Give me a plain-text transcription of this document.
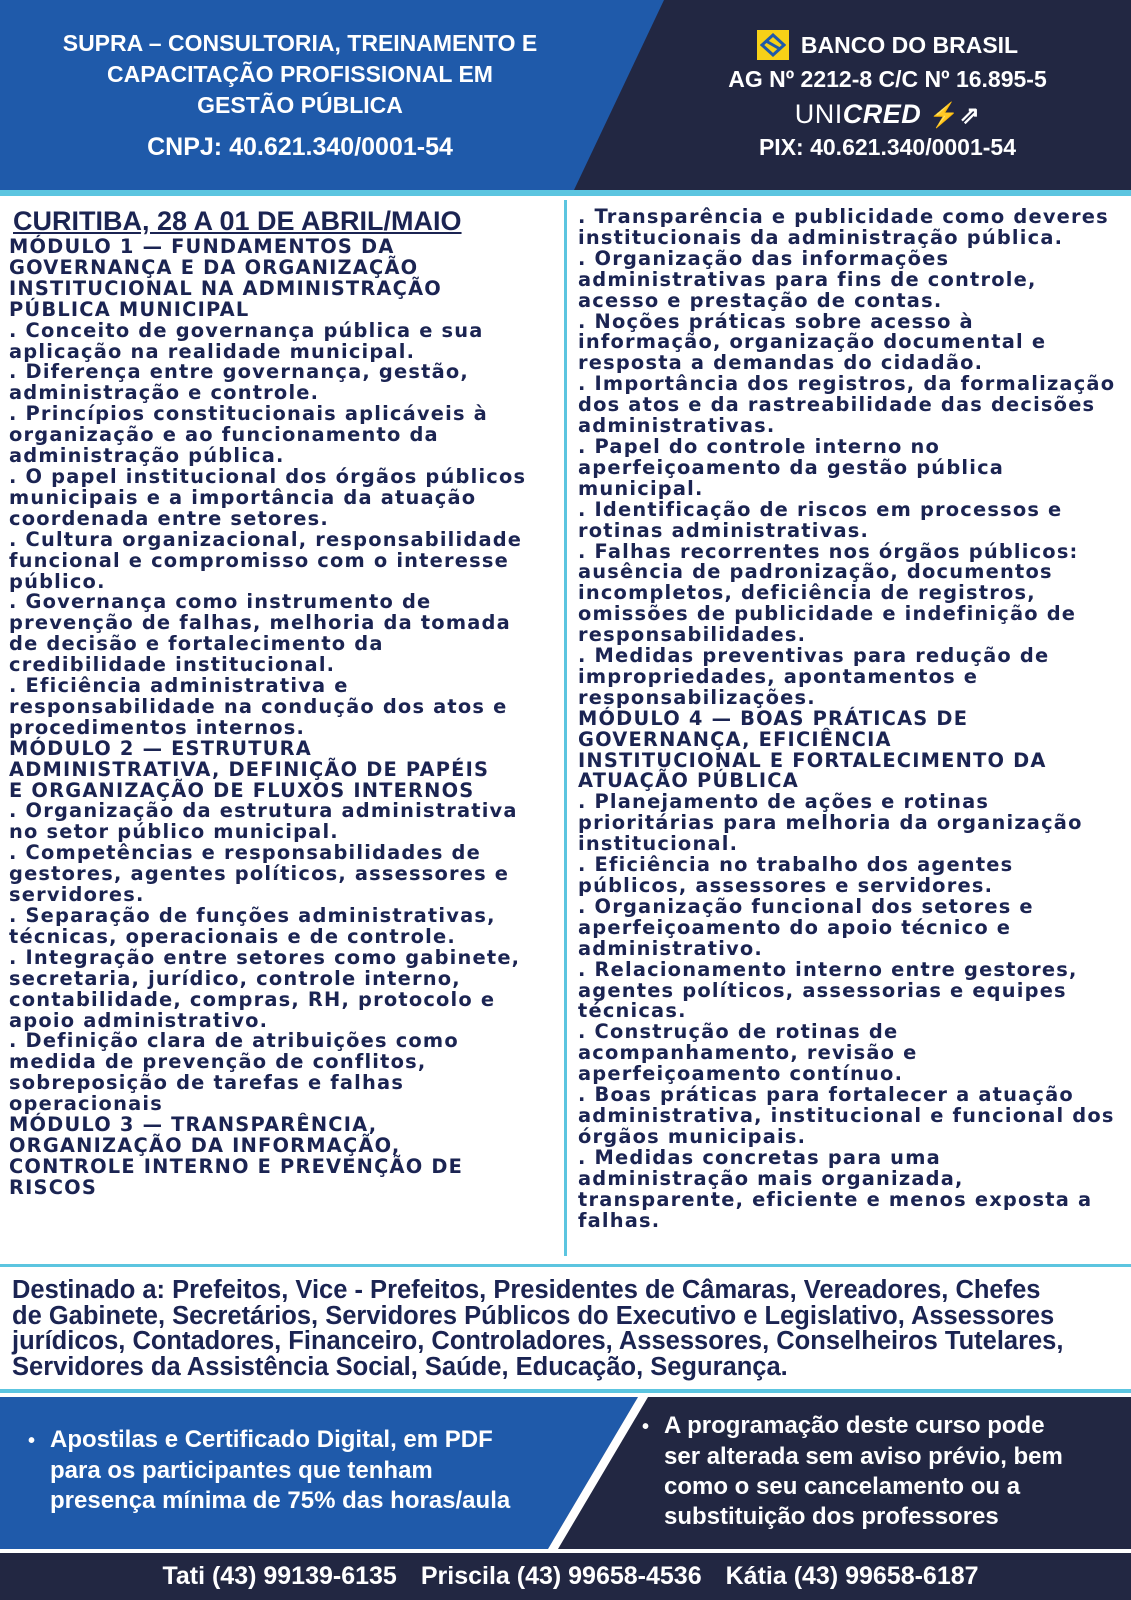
SUPRA – CONSULTORIA, TREINAMENTO E
CAPACITAÇÃO PROFISSIONAL EM
GESTÃO PÚBLICA
CNPJ: 40.621.340/0001-54
BANCO DO BRASIL
AG Nº 2212-8 C/C Nº 16.895-5
UNICRED ⚡⇗
PIX: 40.621.340/0001-54
CURITIBA, 28 A 01 DE ABRIL/MAIO
MÓDULO 1 — FUNDAMENTOS DA
GOVERNANÇA E DA ORGANIZAÇÃO
INSTITUCIONAL NA ADMINISTRAÇÃO
PÚBLICA MUNICIPAL
. Conceito de governança pública e sua
aplicação na realidade municipal.
. Diferença entre governança, gestão,
administração e controle.
. Princípios constitucionais aplicáveis à
organização e ao funcionamento da
administração pública.
. O papel institucional dos órgãos públicos
municipais e a importância da atuação
coordenada entre setores.
. Cultura organizacional, responsabilidade
funcional e compromisso com o interesse
público.
. Governança como instrumento de
prevenção de falhas, melhoria da tomada
de decisão e fortalecimento da
credibilidade institucional.
. Eficiência administrativa e
responsabilidade na condução dos atos e
procedimentos internos.
MÓDULO 2 — ESTRUTURA
ADMINISTRATIVA, DEFINIÇÃO DE PAPÉIS
E ORGANIZAÇÃO DE FLUXOS INTERNOS
. Organização da estrutura administrativa
no setor público municipal.
. Competências e responsabilidades de
gestores, agentes políticos, assessores e
servidores.
. Separação de funções administrativas,
técnicas, operacionais e de controle.
. Integração entre setores como gabinete,
secretaria, jurídico, controle interno,
contabilidade, compras, RH, protocolo e
apoio administrativo.
. Definição clara de atribuições como
medida de prevenção de conflitos,
sobreposição de tarefas e falhas
operacionais
MÓDULO 3 — TRANSPARÊNCIA,
ORGANIZAÇÃO DA INFORMAÇÃO,
CONTROLE INTERNO E PREVENÇÃO DE
RISCOS
. Transparência e publicidade como deveres
institucionais da administração pública.
. Organização das informações
administrativas para fins de controle,
acesso e prestação de contas.
. Noções práticas sobre acesso à
informação, organização documental e
resposta a demandas do cidadão.
. Importância dos registros, da formalização
dos atos e da rastreabilidade das decisões
administrativas.
. Papel do controle interno no
aperfeiçoamento da gestão pública
municipal.
. Identificação de riscos em processos e
rotinas administrativas.
. Falhas recorrentes nos órgãos públicos:
ausência de padronização, documentos
incompletos, deficiência de registros,
omissões de publicidade e indefinição de
responsabilidades.
. Medidas preventivas para redução de
impropriedades, apontamentos e
responsabilizações.
MÓDULO 4 — BOAS PRÁTICAS DE
GOVERNANÇA, EFICIÊNCIA
INSTITUCIONAL E FORTALECIMENTO DA
ATUAÇÃO PÚBLICA
. Planejamento de ações e rotinas
prioritárias para melhoria da organização
institucional.
. Eficiência no trabalho dos agentes
públicos, assessores e servidores.
. Organização funcional dos setores e
aperfeiçoamento do apoio técnico e
administrativo.
. Relacionamento interno entre gestores,
agentes políticos, assessorias e equipes
técnicas.
. Construção de rotinas de
acompanhamento, revisão e
aperfeiçoamento contínuo.
. Boas práticas para fortalecer a atuação
administrativa, institucional e funcional dos
órgãos municipais.
. Medidas concretas para uma
administração mais organizada,
transparente, eficiente e menos exposta a
falhas.
Destinado a: Prefeitos, Vice - Prefeitos, Presidentes de Câmaras, Vereadores, Chefes
de Gabinete, Secretários, Servidores Públicos do Executivo e Legislativo, Assessores
jurídicos, Contadores, Financeiro, Controladores, Assessores, Conselheiros Tutelares,
Servidores da Assistência Social, Saúde, Educação, Segurança.
• Apostilas e Certificado Digital, em PDF
para os participantes que tenham
presença mínima de 75% das horas/aula
• A programação deste curso pode
ser alterada sem aviso prévio, bem
como o seu cancelamento ou a
substituição dos professores
Tati (43) 99139-6135 Priscila (43) 99658-4536 Kátia (43) 99658-6187
